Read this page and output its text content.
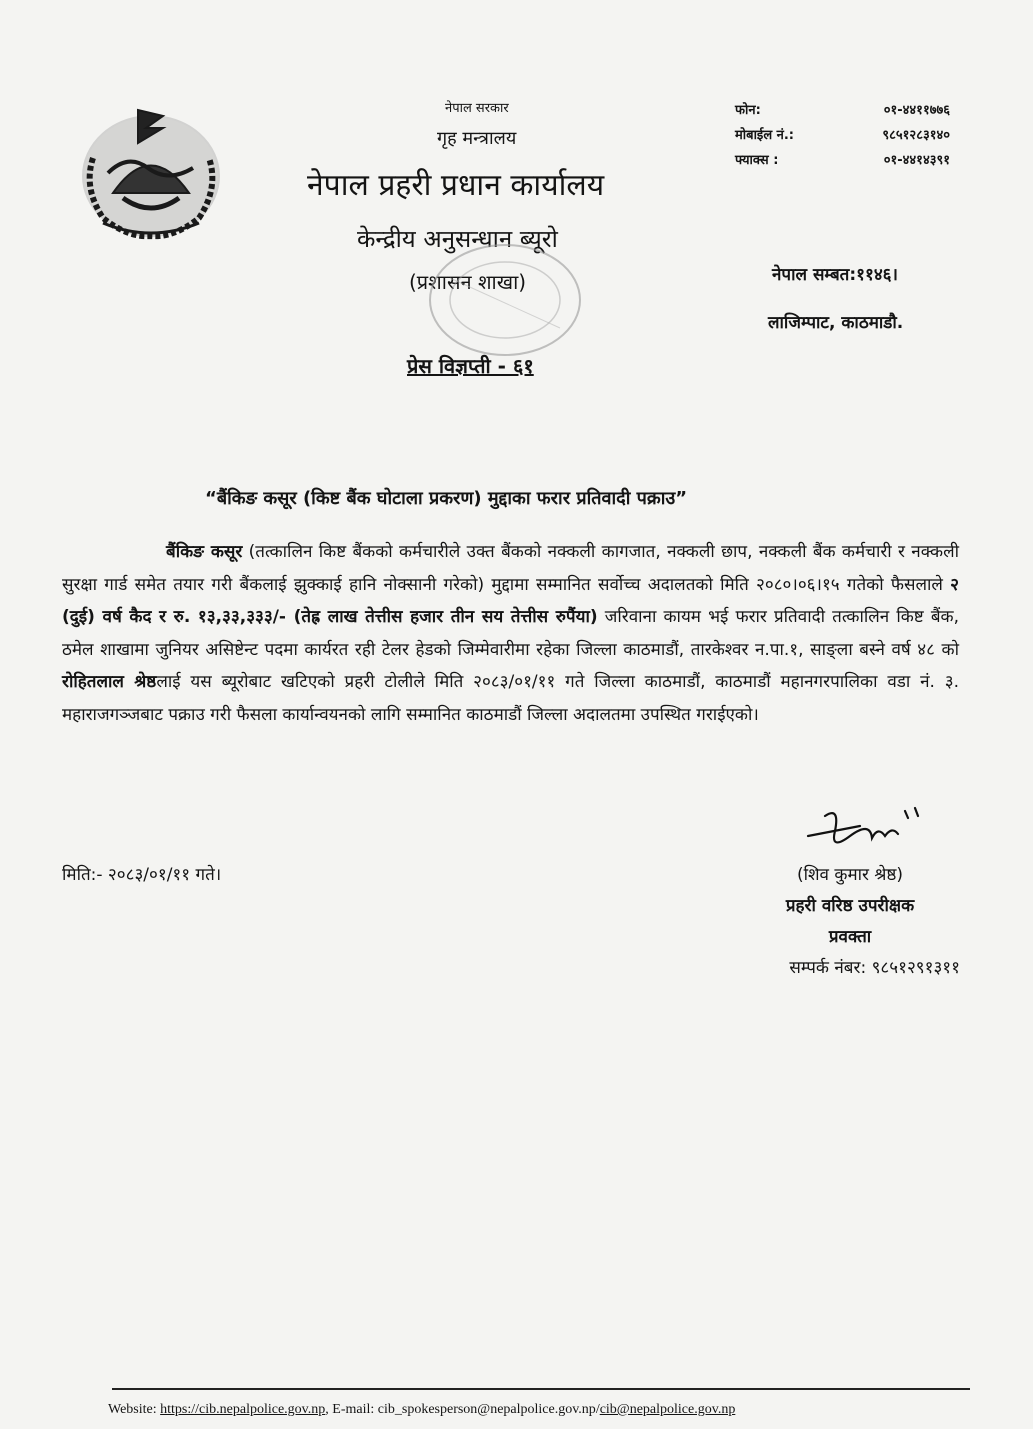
नेपाल सरकार
गृह मन्त्रालय
नेपाल प्रहरी प्रधान कार्यालय
केन्द्रीय अनुसन्धान ब्यूरो
(प्रशासन शाखा)
प्रेस विज्ञप्ती - ६१
फोन:	०१-४४११७७६
मोबाईल नं.:	९८५१२८३१४०
फ्याक्स :	०१-४४१४३९१
नेपाल सम्बत:११४६।
लाजिम्पाट, काठमाडौ.
“बैंकिङ कसूर (किष्ट बैंक घोटाला प्रकरण) मुद्दाका फरार प्रतिवादी पक्राउ”
बैंकिङ कसूर (तत्कालिन किष्ट बैंकको कर्मचारीले उक्त बैंकको नक्कली कागजात, नक्कली छाप, नक्कली बैंक कर्मचारी र नक्कली सुरक्षा गार्ड समेत तयार गरी बैंकलाई झुक्काई हानि नोक्सानी गरेको) मुद्दामा सम्मानित सर्वोच्च अदालतको मिति २०८०।०६।१५ गतेको फैसलाले २ (दुई) वर्ष कैद र रु. १३,३३,३३३/- (तेह्र लाख तेत्तीस हजार तीन सय तेत्तीस रुपैंया) जरिवाना कायम भई फरार प्रतिवादी तत्कालिन किष्ट बैंक, ठमेल शाखामा जुनियर असिष्टेन्ट पदमा कार्यरत रही टेलर हेडको जिम्मेवारीमा रहेका जिल्ला काठमाडौं, तारकेश्वर न.पा.१, साङ्ला बस्ने वर्ष ४८ को रोहितलाल श्रेष्ठलाई यस ब्यूरोबाट खटिएको प्रहरी टोलीले मिति २०८३/०१/११ गते जिल्ला काठमाडौं, काठमाडौं महानगरपालिका वडा नं. ३. महाराजगञ्जबाट पक्राउ गरी फैसला कार्यान्वयनको लागि सम्मानित काठमाडौं जिल्ला अदालतमा उपस्थित गराईएको।
मिति:- २०८३/०१/११ गते।	(शिव कुमार श्रेष्ठ)
प्रहरी वरिष्ठ उपरीक्षक
प्रवक्ता
सम्पर्क नंबर: ९८५१२९१३११
Website: https://cib.nepalpolice.gov.np, E-mail: cib_spokesperson@nepalpolice.gov.np/cib@nepalpolice.gov.np
